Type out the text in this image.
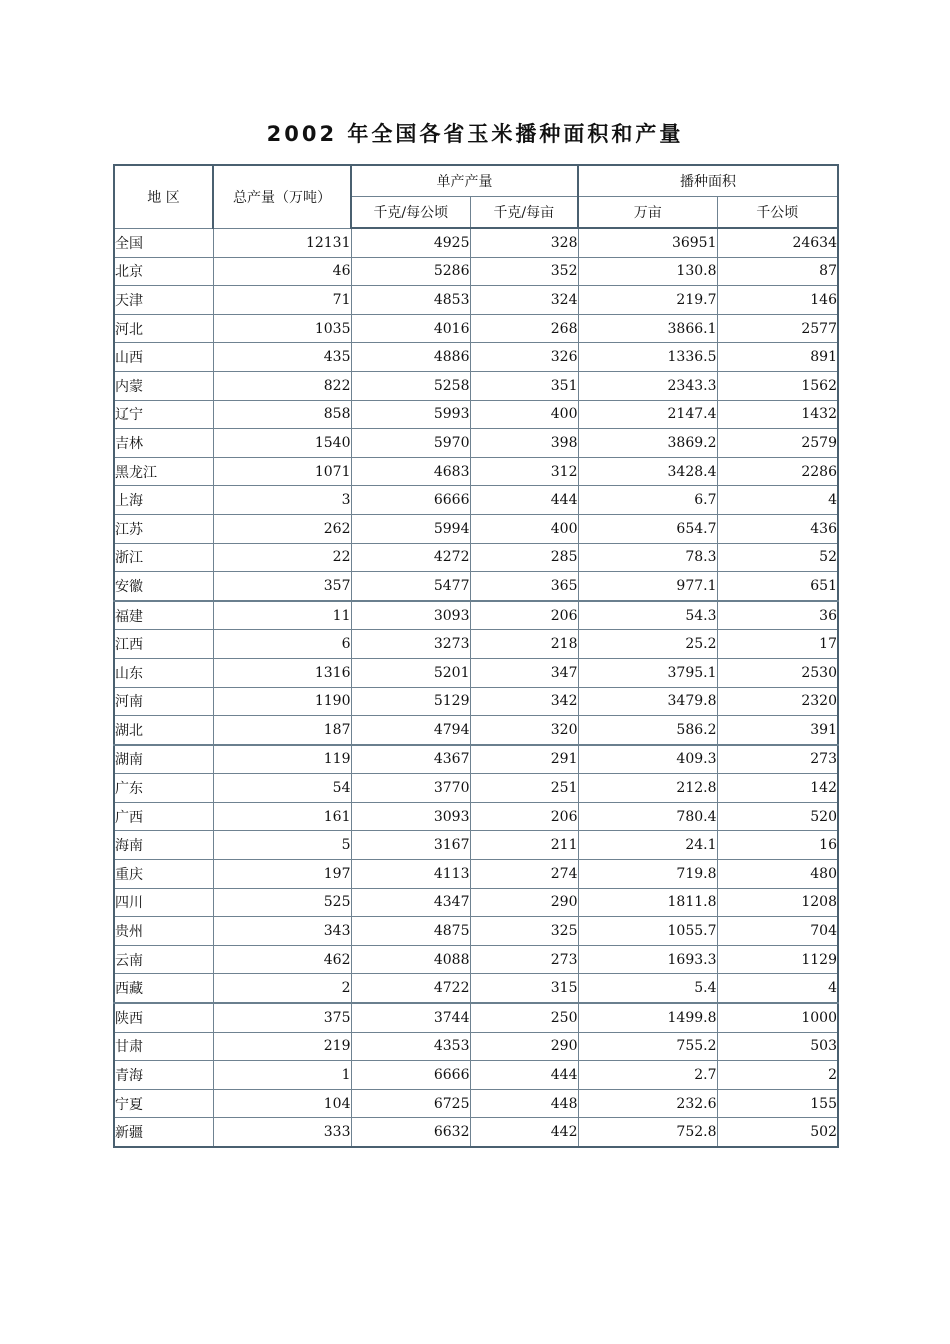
2002 年全国各省玉米播种面积和产量
地 区	总产量（万吨）	单产产量		播种面积	
		千克/每公顷	千克/每亩	万亩	千公顷
全国	12131	4925	328	36951	24634
北京	46	5286	352	130.8	87
天津	71	4853	324	219.7	146
河北	1035	4016	268	3866.1	2577
山西	435	4886	326	1336.5	891
内蒙	822	5258	351	2343.3	1562
辽宁	858	5993	400	2147.4	1432
吉林	1540	5970	398	3869.2	2579
黑龙江	1071	4683	312	3428.4	2286
上海	3	6666	444	6.7	4
江苏	262	5994	400	654.7	436
浙江	22	4272	285	78.3	52
安徽	357	5477	365	977.1	651
福建	11	3093	206	54.3	36
江西	6	3273	218	25.2	17
山东	1316	5201	347	3795.1	2530
河南	1190	5129	342	3479.8	2320
湖北	187	4794	320	586.2	391
湖南	119	4367	291	409.3	273
广东	54	3770	251	212.8	142
广西	161	3093	206	780.4	520
海南	5	3167	211	24.1	16
重庆	197	4113	274	719.8	480
四川	525	4347	290	1811.8	1208
贵州	343	4875	325	1055.7	704
云南	462	4088	273	1693.3	1129
西藏	2	4722	315	5.4	4
陕西	375	3744	250	1499.8	1000
甘肃	219	4353	290	755.2	503
青海	1	6666	444	2.7	2
宁夏	104	6725	448	232.6	155
新疆	333	6632	442	752.8	502
